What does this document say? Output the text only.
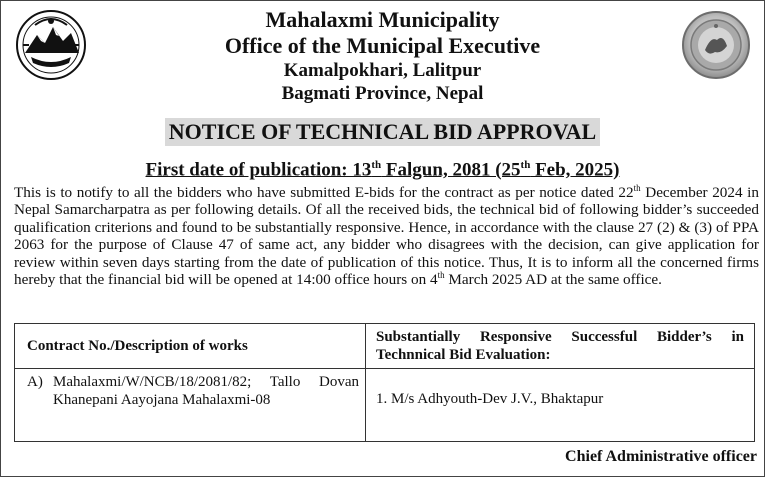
Mahalaxmi Municipality
Office of the Municipal Executive
Kamalpokhari, Lalitpur
Bagmati Province, Nepal
NOTICE OF TECHNICAL BID APPROVAL
First date of publication: 13th Falgun, 2081 (25th Feb, 2025)
This is to notify to all the bidders who have submitted E-bids for the contract as per notice dated 22th December 2024 in Nepal Samarcharpatra as per following details. Of all the received bids, the technical bid of following bidder’s succeeded qualification criterions and found to be substantially responsive. Hence, in accordance with the clause 27 (2) & (3) of PPA 2063 for the purpose of Clause 47 of same act, any bidder who disagrees with the decision, can give application for review within seven days starting from the date of publication of this notice. Thus, It is to inform all the concerned firms hereby that the financial bid will be opened at 14:00 office hours on 4th March 2025 AD at the same office.
Contract No./Description of works	Substantially Responsive Successful Bidder’s in Technnical Bid Evaluation:

A) Mahalaxmi/W/NCB/18/2081/82; Tallo Dovan Khanepani Aayojana Mahalaxmi-08	1. M/s Adhyouth-Dev J.V., Bhaktapur
Chief Administrative officer
